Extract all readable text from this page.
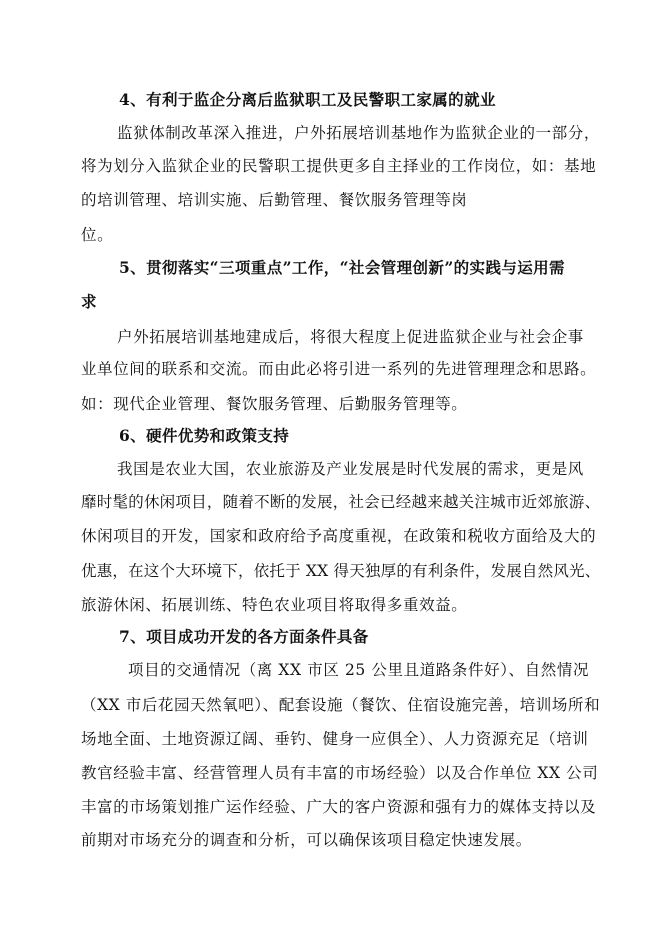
4、有利于监企分离后监狱职工及民警职工家属的就业
监狱体制改革深入推进，户外拓展培训基地作为监狱企业的一部分，
将为划分入监狱企业的民警职工提供更多自主择业的工作岗位，如：基地
的培训管理、培训实施、后勤管理、餐饮服务管理等岗
位。
5、贯彻落实“三项重点”工作，“社会管理创新”的实践与运用需
求
户外拓展培训基地建成后，将很大程度上促进监狱企业与社会企事
业单位间的联系和交流。而由此必将引进一系列的先进管理理念和思路。
如：现代企业管理、餐饮服务管理、后勤服务管理等。
6、硬件优势和政策支持
我国是农业大国，农业旅游及产业发展是时代发展的需求，更是风
靡时髦的休闲项目，随着不断的发展，社会已经越来越关注城市近郊旅游、
休闲项目的开发，国家和政府给予高度重视，在政策和税收方面给及大的
优惠，在这个大环境下，依托于 XX 得天独厚的有利条件，发展自然风光、
旅游休闲、拓展训练、特色农业项目将取得多重效益。
7、项目成功开发的各方面条件具备
项目的交通情况（离 XX 市区 25 公里且道路条件好）、自然情况
（XX 市后花园天然氧吧）、配套设施（餐饮、住宿设施完善，培训场所和
场地全面、土地资源辽阔、垂钓、健身一应俱全）、人力资源充足（培训
教官经验丰富、经营管理人员有丰富的市场经验）以及合作单位 XX 公司
丰富的市场策划推广运作经验、广大的客户资源和强有力的媒体支持以及
前期对市场充分的调查和分析，可以确保该项目稳定快速发展。
